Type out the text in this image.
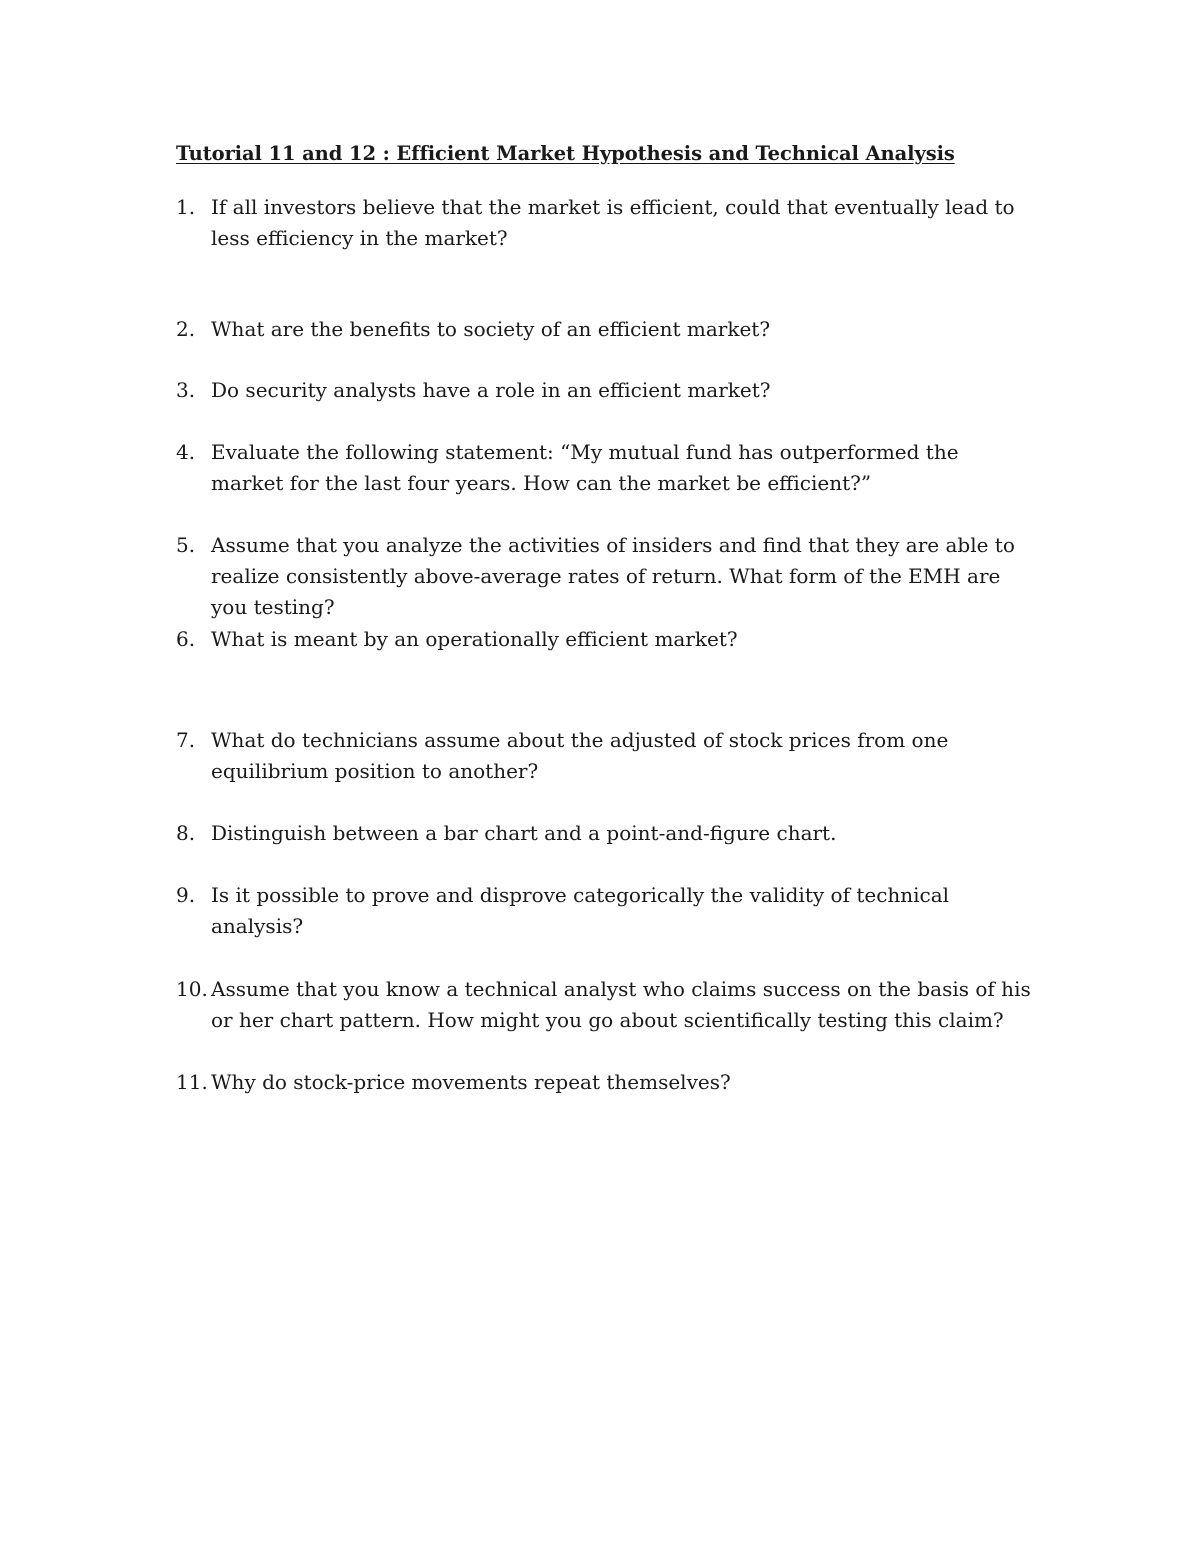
Tutorial 11 and 12 : Efficient Market Hypothesis and Technical Analysis
1. If all investors believe that the market is efficient, could that eventually lead to less efficiency in the market?
2. What are the benefits to society of an efficient market?
3. Do security analysts have a role in an efficient market?
4. Evaluate the following statement: “My mutual fund has outperformed the market for the last four years. How can the market be efficient?”
5. Assume that you analyze the activities of insiders and find that they are able to realize consistently above-average rates of return. What form of the EMH are you testing?
6. What is meant by an operationally efficient market?
7. What do technicians assume about the adjusted of stock prices from one equilibrium position to another?
8. Distinguish between a bar chart and a point-and-figure chart.
9. Is it possible to prove and disprove categorically the validity of technical analysis?
10. Assume that you know a technical analyst who claims success on the basis of his or her chart pattern. How might you go about scientifically testing this claim?
11. Why do stock-price movements repeat themselves?
